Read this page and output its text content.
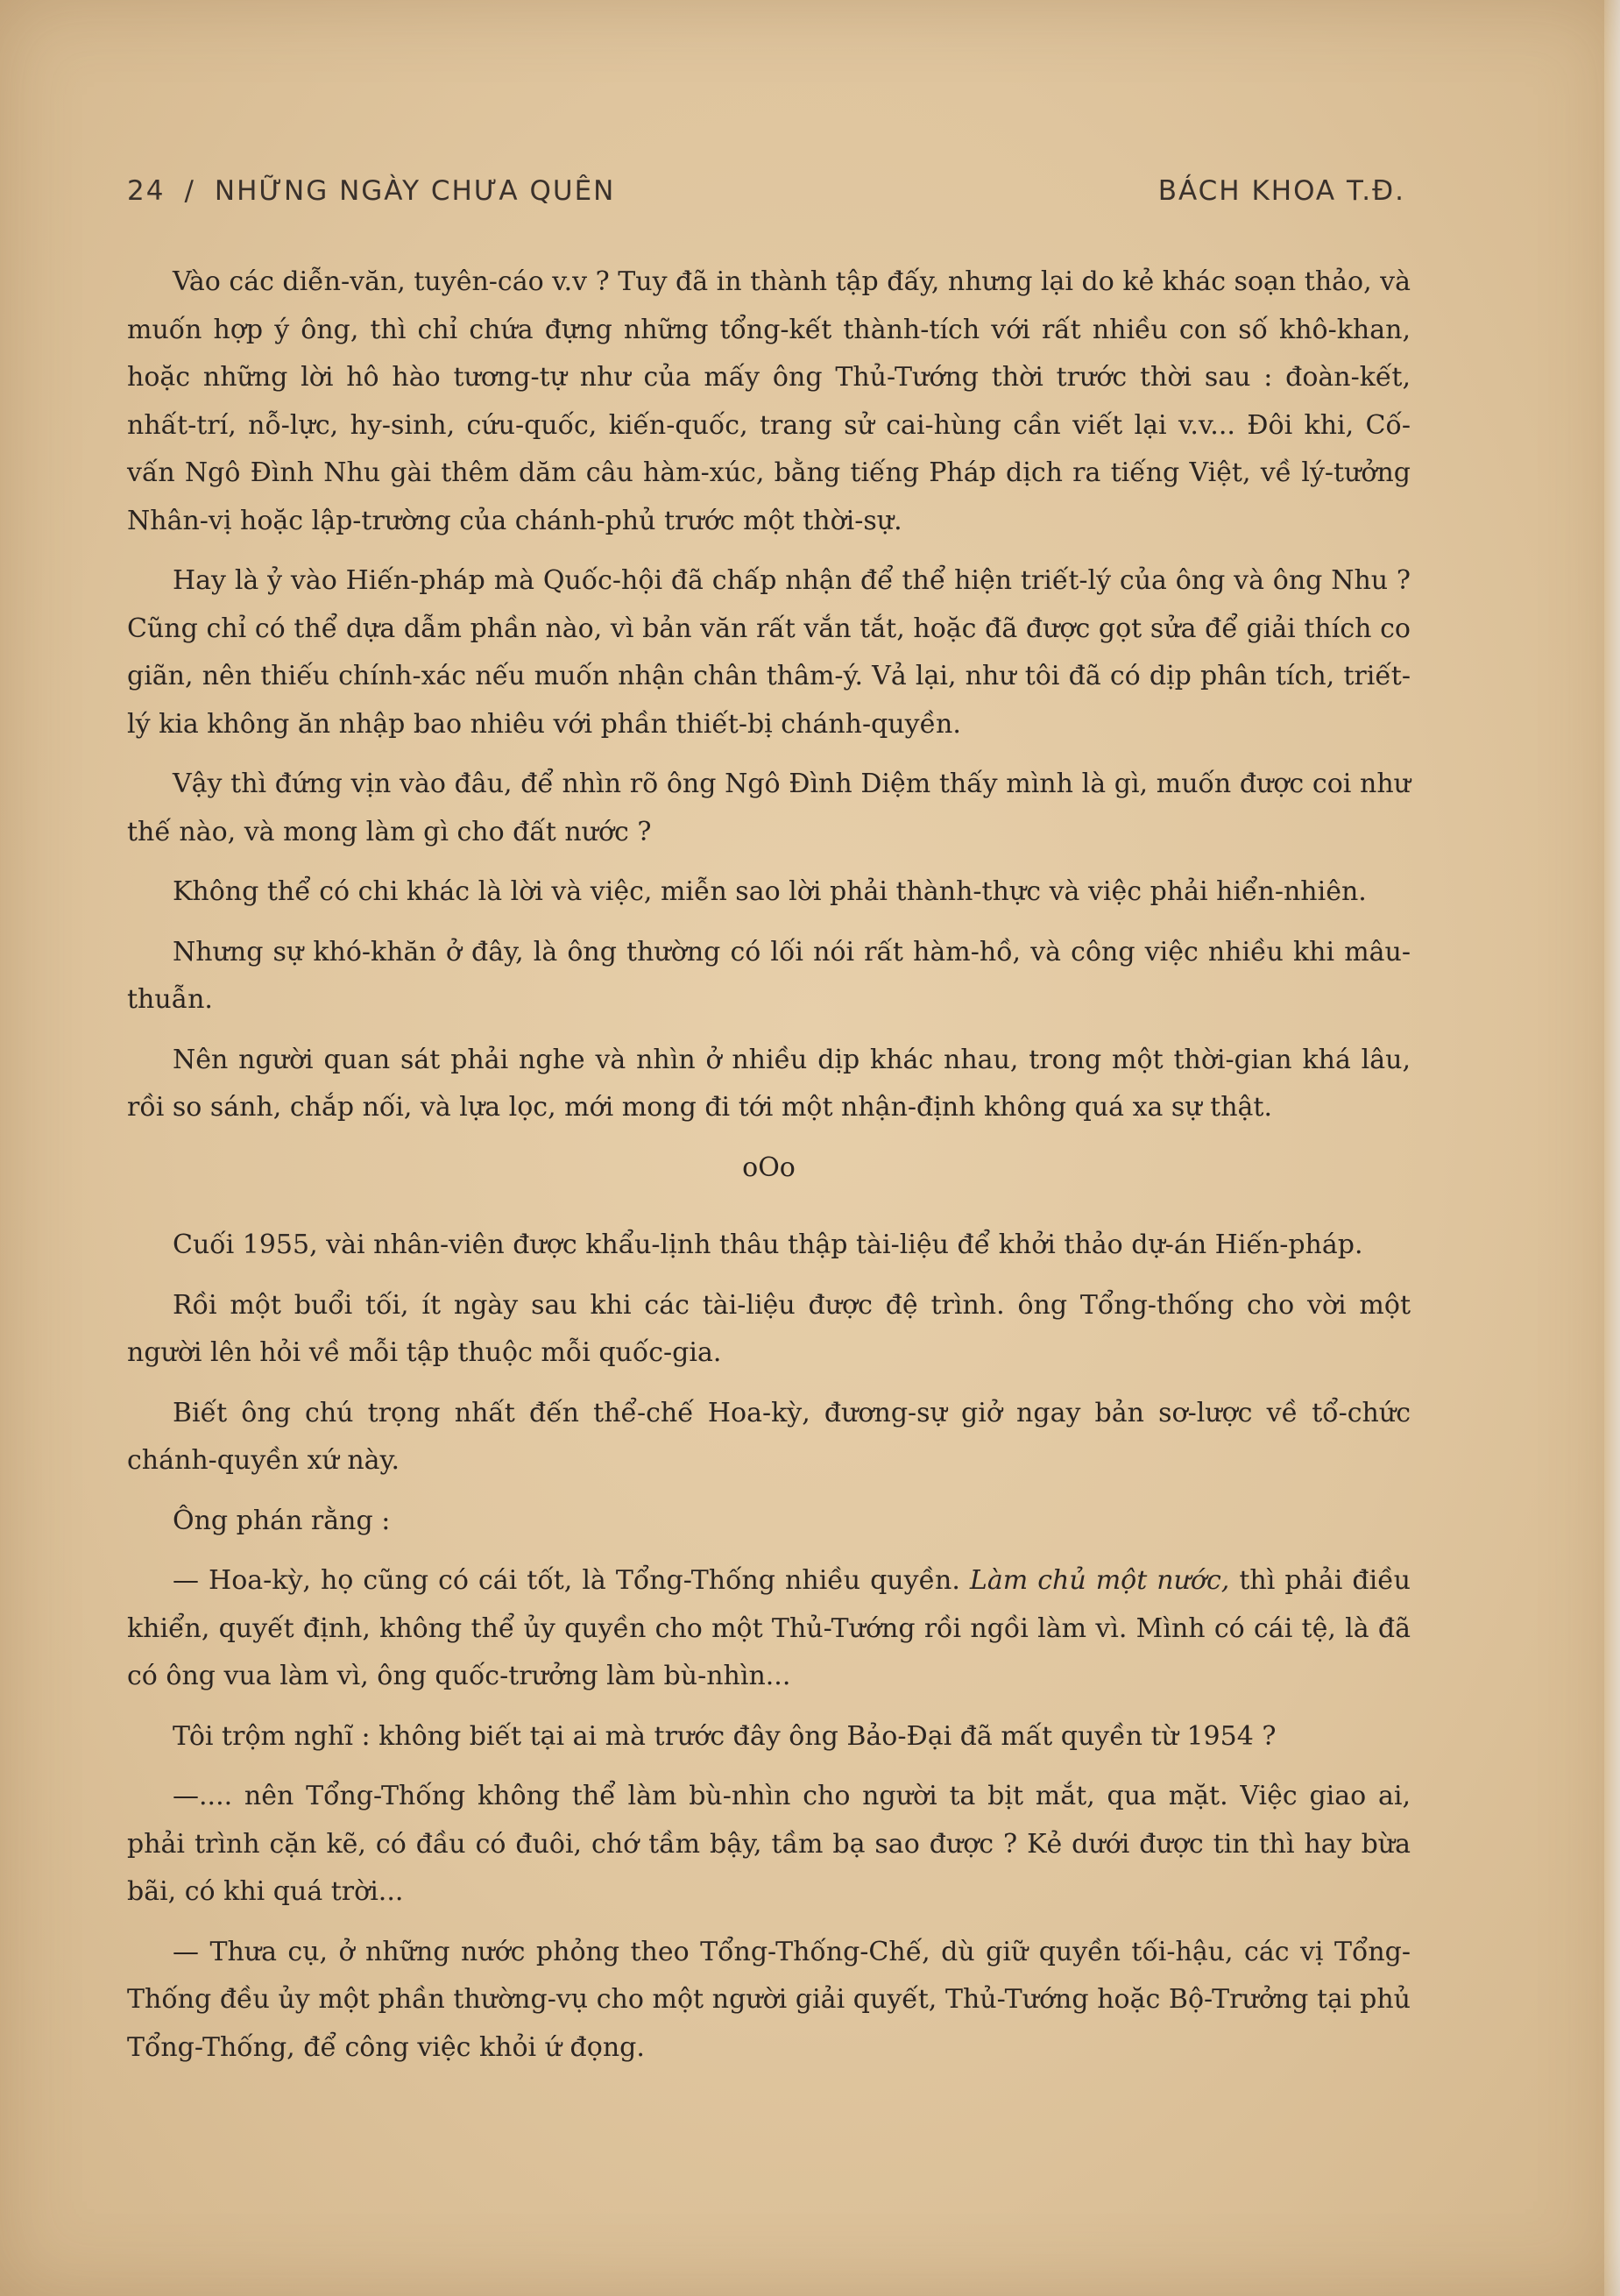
24 / NHỮNG NGÀY CHƯA QUÊN	BÁCH KHOA T.Đ.

Vào các diễn-văn, tuyên-cáo v.v ? Tuy đã in thành tập đấy, nhưng lại do kẻ khác soạn thảo, và muốn hợp ý ông, thì chỉ chứa đựng những tổng-kết thành-tích với rất nhiều con số khô-khan, hoặc những lời hô hào tương-tự như của mấy ông Thủ-Tướng thời trước thời sau : đoàn-kết, nhất-trí, nỗ-lực, hy-sinh, cứu-quốc, kiến-quốc, trang sử cai-hùng cần viết lại v.v... Đôi khi, Cố-vấn Ngô Đình Nhu gài thêm dăm câu hàm-xúc, bằng tiếng Pháp dịch ra tiếng Việt, về lý-tưởng Nhân-vị hoặc lập-trường của chánh-phủ trước một thời-sự.

Hay là ỷ vào Hiến-pháp mà Quốc-hội đã chấp nhận để thể hiện triết-lý của ông và ông Nhu ? Cũng chỉ có thể dựa dẫm phần nào, vì bản văn rất vắn tắt, hoặc đã được gọt sửa để giải thích co giãn, nên thiếu chính-xác nếu muốn nhận chân thâm-ý. Vả lại, như tôi đã có dịp phân tích, triết-lý kia không ăn nhập bao nhiêu với phần thiết-bị chánh-quyền.

Vậy thì đứng vịn vào đâu, để nhìn rõ ông Ngô Đình Diệm thấy mình là gì, muốn được coi như thế nào, và mong làm gì cho đất nước ?

Không thể có chi khác là lời và việc, miễn sao lời phải thành-thực và việc phải hiển-nhiên.

Nhưng sự khó-khăn ở đây, là ông thường có lối nói rất hàm-hồ, và công việc nhiều khi mâu-thuẫn.

Nên người quan sát phải nghe và nhìn ở nhiều dịp khác nhau, trong một thời-gian khá lâu, rồi so sánh, chắp nối, và lựa lọc, mới mong đi tới một nhận-định không quá xa sự thật.

oOo

Cuối 1955, vài nhân-viên được khẩu-lịnh thâu thập tài-liệu để khởi thảo dự-án Hiến-pháp.

Rồi một buổi tối, ít ngày sau khi các tài-liệu được đệ trình. ông Tổng-thống cho vời một người lên hỏi về mỗi tập thuộc mỗi quốc-gia.

Biết ông chú trọng nhất đến thể-chế Hoa-kỳ, đương-sự giở ngay bản sơ-lược về tổ-chức chánh-quyền xứ này.

Ông phán rằng :

— Hoa-kỳ, họ cũng có cái tốt, là Tổng-Thống nhiều quyền. Làm chủ một nước, thì phải điều khiển, quyết định, không thể ủy quyền cho một Thủ-Tướng rồi ngồi làm vì. Mình có cái tệ, là đã có ông vua làm vì, ông quốc-trưởng làm bù-nhìn...

Tôi trộm nghĩ : không biết tại ai mà trước đây ông Bảo-Đại đã mất quyền từ 1954 ?

—.... nên Tổng-Thống không thể làm bù-nhìn cho người ta bịt mắt, qua mặt. Việc giao ai, phải trình cặn kẽ, có đầu có đuôi, chớ tầm bậy, tầm bạ sao được ? Kẻ dưới được tin thì hay bừa bãi, có khi quá trời...

— Thưa cụ, ở những nước phỏng theo Tổng-Thống-Chế, dù giữ quyền tối-hậu, các vị Tổng-Thống đều ủy một phần thường-vụ cho một người giải quyết, Thủ-Tướng hoặc Bộ-Trưởng tại phủ Tổng-Thống, để công việc khỏi ứ đọng.
